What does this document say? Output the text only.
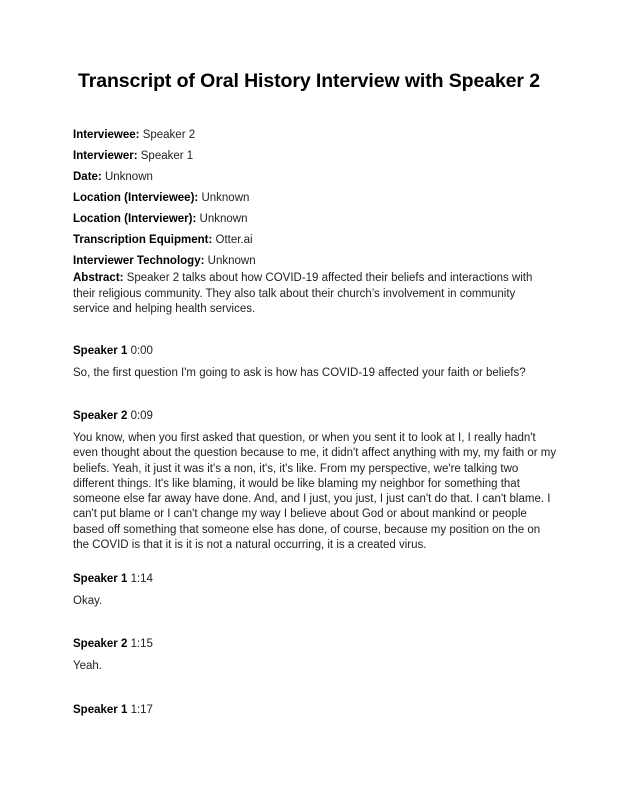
Transcript of Oral History Interview with Speaker 2
Interviewee: Speaker 2
Interviewer: Speaker 1
Date: Unknown
Location (Interviewee): Unknown
Location (Interviewer): Unknown
Transcription Equipment: Otter.ai
Interviewer Technology: Unknown
Abstract: Speaker 2 talks about how COVID-19 affected their beliefs and interactions with their religious community. They also talk about their church’s involvement in community service and helping health services.
Speaker 1 0:00
So, the first question I'm going to ask is how has COVID-19 affected your faith or beliefs?
Speaker 2 0:09
You know, when you first asked that question, or when you sent it to look at I, I really hadn't even thought about the question because to me, it didn't affect anything with my, my faith or my beliefs. Yeah, it just it was it's a non, it's, it's like. From my perspective, we're talking two different things. It's like blaming, it would be like blaming my neighbor for something that someone else far away have done. And, and I just, you just, I just can't do that. I can't blame. I can't put blame or I can't change my way I believe about God or about mankind or people based off something that someone else has done, of course, because my position on the on the COVID is that it is it is not a natural occurring, it is a created virus.
Speaker 1 1:14
Okay.
Speaker 2 1:15
Yeah.
Speaker 1 1:17
